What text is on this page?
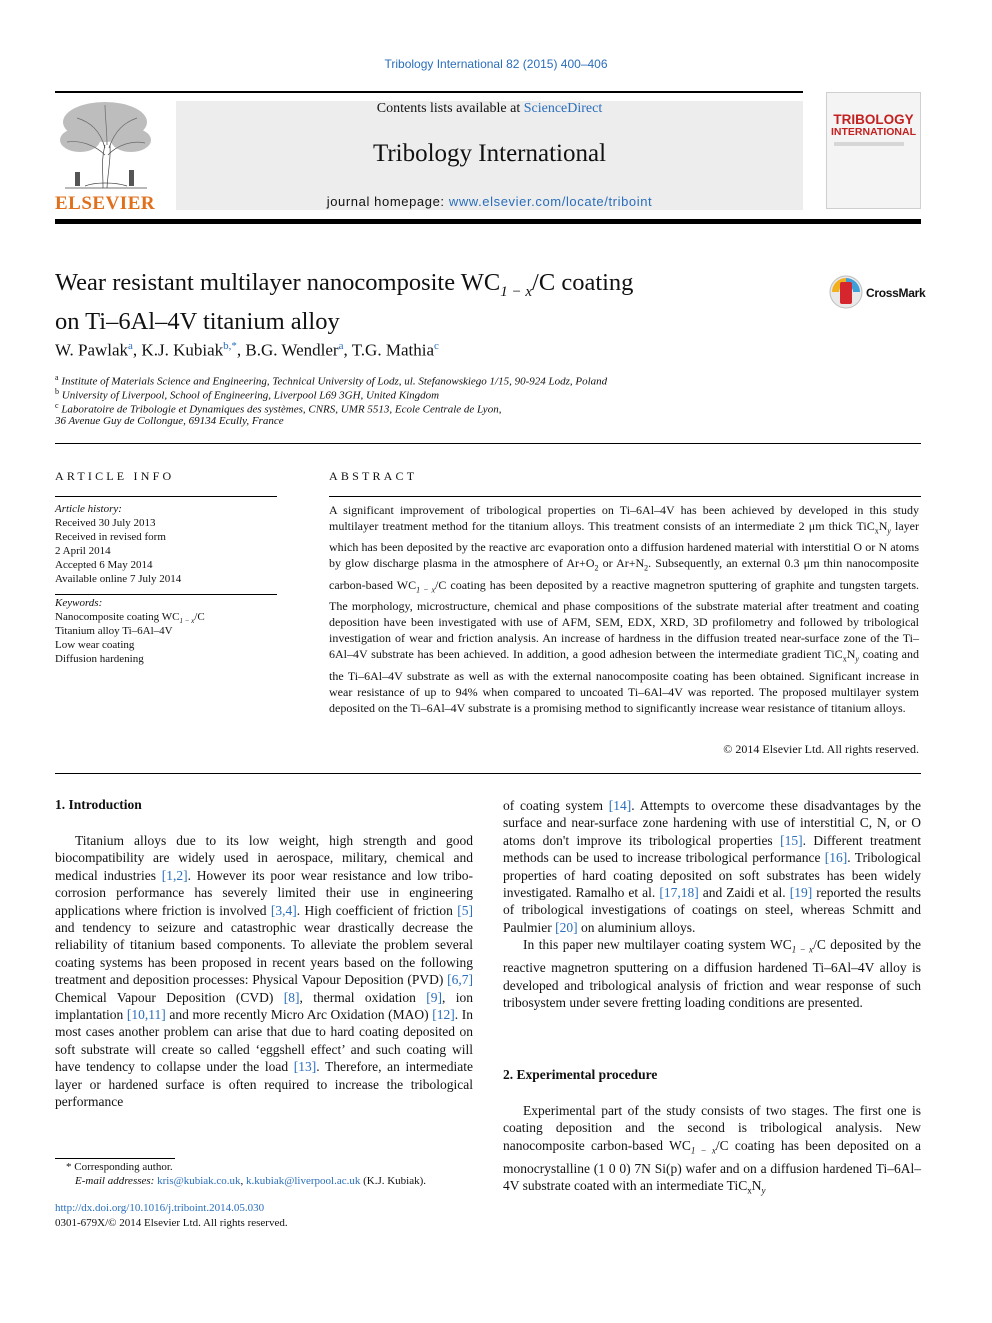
Tribology International 82 (2015) 400–406
ELSEVIER
Contents lists available at ScienceDirect
Tribology International
journal homepage: www.elsevier.com/locate/triboint
TRIBOLOGY
INTERNATIONAL
Wear resistant multilayer nanocomposite $WC_{1 - x}/C$ coating
on Ti–6Al–4V titanium alloy
CrossMark
W. Pawlak$^a$, K.J. Kubiak$^{b,*}$, B.G. Wendler$^a$, T.G. Mathia$^c$
$^a$ Institute of Materials Science and Engineering, Technical University of Lodz, ul. Stefanowskiego 1/15, 90-924 Lodz, Poland
$^b$ University of Liverpool, School of Engineering, Liverpool L69 3GH, United Kingdom
$^c$ Laboratoire de Tribologie et Dynamiques des systèmes, CNRS, UMR 5513, Ecole Centrale de Lyon,
36 Avenue Guy de Collongue, 69134 Ecully, France
ARTICLE INFO	ABSTRACT
Article history:
Received 30 July 2013
Received in revised form
2 April 2014
Accepted 6 May 2014
Available online 7 July 2014
Keywords:
Nanocomposite coating $WC_{1 - x}/C$
Titanium alloy Ti–6Al–4V
Low wear coating
Diffusion hardening
A significant improvement of tribological properties on Ti–6Al–4V has been achieved by developed in this study multilayer treatment method for the titanium alloys. This treatment consists of an intermediate 2 μm thick $TiC_xN_y$ layer which has been deposited by the reactive arc evaporation onto a diffusion hardened material with interstitial O or N atoms by glow discharge plasma in the atmosphere of $Ar+O_2$ or $Ar+N_2$. Subsequently, an external 0.3 μm thin nanocomposite carbon-based $WC_{1 - x}/C$ coating has been deposited by a reactive magnetron sputtering of graphite and tungsten targets. The morphology, microstructure, chemical and phase compositions of the substrate material after treatment and coating deposition have been investigated with use of AFM, SEM, EDX, XRD, 3D profilometry and followed by tribological investigation of wear and friction analysis. An increase of hardness in the diffusion treated near-surface zone of the Ti–6Al–4V substrate has been achieved. In addition, a good adhesion between the intermediate gradient $TiC_xN_y$ coating and the Ti–6Al–4V substrate as well as with the external nanocomposite coating has been obtained. Significant increase in wear resistance of up to 94% when compared to uncoated Ti–6Al–4V was reported. The proposed multilayer system deposited on the Ti–6Al–4V substrate is a promising method to significantly increase wear resistance of titanium alloys.
© 2014 Elsevier Ltd. All rights reserved.
1. Introduction

Titanium alloys due to its low weight, high strength and good biocompatibility are widely used in aerospace, military, chemical and medical industries [1,2]. However its poor wear resistance and low tribo-corrosion performance has severely limited their use in engineering applications where friction is involved [3,4]. High coefficient of friction [5] and tendency to seizure and catastrophic wear drastically decrease the reliability of titanium based components. To alleviate the problem several coating systems has been proposed in recent years based on the following treatment and deposition processes: Physical Vapour Deposition (PVD) [6,7] Chemical Vapour Deposition (CVD) [8], thermal oxidation [9], ion implantation [10,11] and more recently Micro Arc Oxidation (MAO) [12]. In most cases another problem can arise that due to hard coating deposited on soft substrate will create so called ‘eggshell effect’ and such coating will have tendency to collapse under the load [13]. Therefore, an intermediate layer or hardened surface is often required to increase the tribological performance

of coating system [14]. Attempts to overcome these disadvantages by the surface and near-surface zone hardening with use of interstitial C, N, or O atoms don't improve its tribological properties [15]. Different treatment methods can be used to increase tribological performance [16]. Tribological properties of hard coating deposited on soft substrates has been widely investigated. Ramalho et al. [17,18] and Zaidi et al. [19] reported the results of tribological investigations of coatings on steel, whereas Schmitt and Paulmier [20] on aluminium alloys.

In this paper new multilayer coating system $WC_{1 - x}/C$ deposited by the reactive magnetron sputtering on a diffusion hardened Ti–6Al–4V alloy is developed and tribological analysis of friction and wear response of such tribosystem under severe fretting loading conditions are presented.

2. Experimental procedure

Experimental part of the study consists of two stages. The first one is coating deposition and the second is tribological analysis. New nanocomposite carbon-based $WC_{1 - x}/C$ coating has been deposited on a monocrystalline (1 0 0) 7N Si(p) wafer and on a diffusion hardened Ti–6Al–4V substrate coated with an intermediate $TiC_xN_y$

* Corresponding author.
E-mail addresses: kris@kubiak.co.uk, k.kubiak@liverpool.ac.uk (K.J. Kubiak).
http://dx.doi.org/10.1016/j.triboint.2014.05.030
0301-679X/© 2014 Elsevier Ltd. All rights reserved.
